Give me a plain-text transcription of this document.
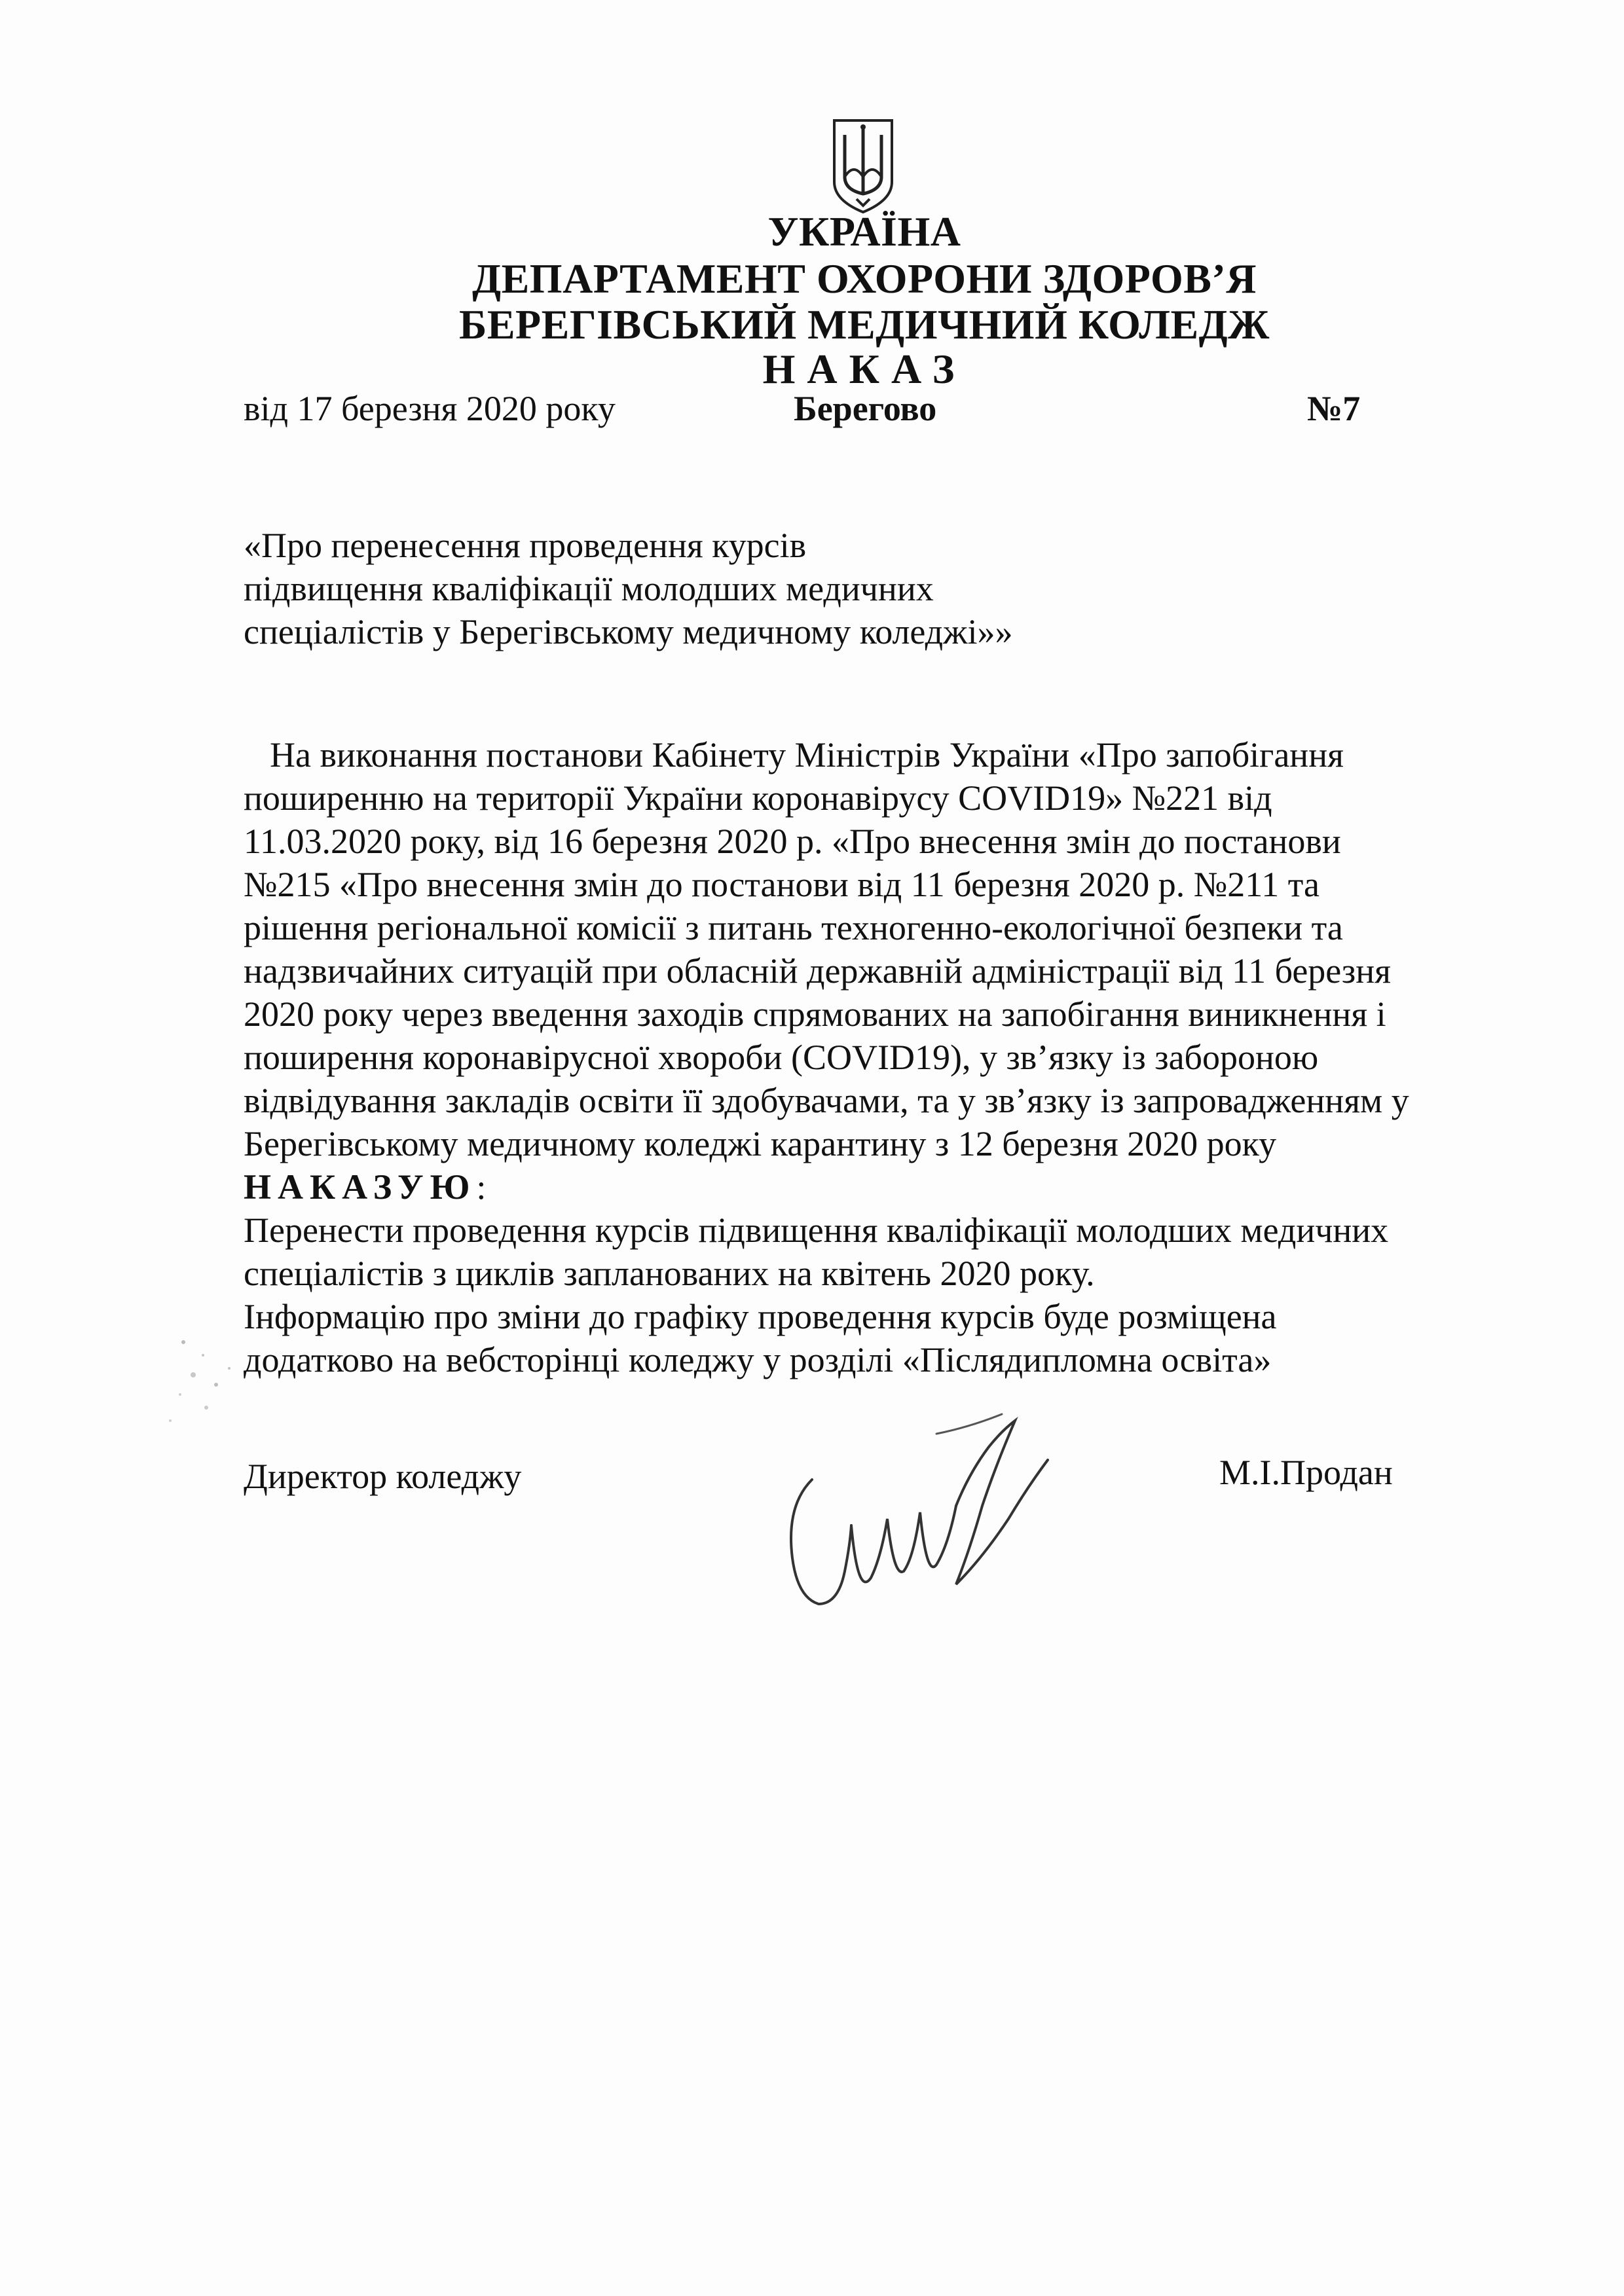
УКРАЇНА
ДЕПАРТАМЕНТ ОХОРОНИ ЗДОРОВ’Я
БЕРЕГІВСЬКИЙ МЕДИЧНИЙ КОЛЕДЖ
НАКАЗ
від 17 березня 2020 року	Берегово	№7
«Про перенесення проведення курсів
підвищення кваліфікації молодших медичних
спеціалістів у Берегівському медичному коледжі»»
На виконання постанови Кабінету Міністрів України «Про запобігання
поширенню на території України коронавірусу COVID19» №221 від
11.03.2020 року, від 16 березня 2020 р. «Про внесення змін до постанови
№215 «Про внесення змін до постанови від 11 березня 2020 р. №211 та
рішення регіональної комісії з питань техногенно-екологічної безпеки та
надзвичайних ситуацій при обласній державній адміністрації від 11 березня
2020 року через введення заходів спрямованих на запобігання виникнення і
поширення коронавірусної хвороби (COVID19), у зв’язку із забороною
відвідування закладів освіти її здобувачами, та у зв’язку із запровадженням у
Берегівському медичному коледжі карантину з 12 березня 2020 року
НАКАЗУЮ:
Перенести проведення курсів підвищення кваліфікації молодших медичних
спеціалістів з циклів запланованих на квітень 2020 року.
Інформацію про зміни до графіку проведення курсів буде розміщена
додатково на вебсторінці коледжу у розділі «Післядипломна освіта»
Директор коледжу	М.І.Продан
